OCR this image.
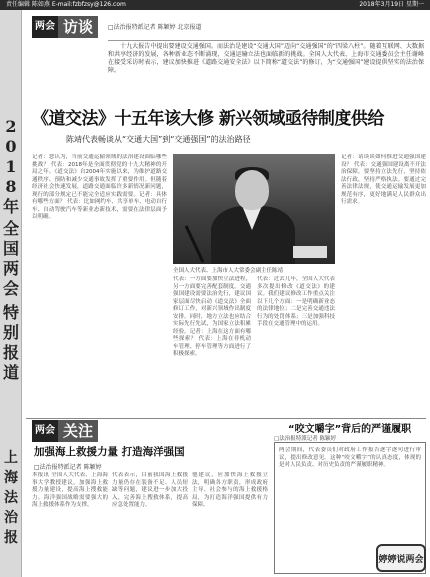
责任编辑 陈如燕 E-mail:fzbfzsy@126.com	2018年3月19日 星期一
2
0
1
8
年
全
国
两
会
特
别
报
道
上
海
法
治
报
两会 访谈	□法治报特派记者 陈颖婷 北京报道

十九大报告中提出要建设交通强国。而法治是建设“交通大国”迈向“交通强国”的“四梁八柱”。随着互联网、大数据和共享经济的发展，各种新业态不断涌现，交通运输立法也面临新的挑战。全国人大代表、上海市交通委员会主任谢峰在接受采访时表示，建议加快推进《道路交通安全法》以下简称“道交法”的修订，为“交通强国”建设提供坚实的法治保障。

《道交法》十五年该大修 新兴领域亟待制度供给
陈靖代表畅谈从“交通大国”到“交通强国”的法治路径

记者：您认为，当前交通运输领域的法治建设面临哪些挑战？ 代表：2018年是全面贯彻党的十九大精神的开局之年。《道交法》自2004年实施以来，为维护道路交通秩序、预防和减少交通事故发挥了重要作用。但随着经济社会快速发展，道路交通面临许多新情况新问题，现行的部分规定已不能完全适应实践需要。记者：具体有哪些方面？ 代表：比如网约车、共享单车、电动自行车、自动驾驶汽车等新业态新技术，需要在法律层面予以明确。

全国人大代表、上海市人大常委会副主任陈靖

记者：请谈谈如何推进交通强国建设？ 代表：交通强国建设离不开法治保障，要坚持立法先行，坚持依法行政，坚持严格执法。要通过完善法律法规，使交通运输发展更加规范有序，更好地满足人民群众出行需求。

代表：一方面要加快立法进程，另一方面要完善配套制度。交通强国建设需要法治先行，建议国家层面尽快启动《道交法》全面修订工作，对新兴领域作出制度安排。同时，地方立法也应结合实际先行先试，为国家立法积累经验。记者：上海在这方面有哪些探索？ 代表：上海在非机动车管理、停车管理等方面进行了积极探索。

代表：过去几年，全国人大代表多次提出修改《道交法》的建议。我们建议修改工作重点关注以下几个方面：一是明确新业态的法律地位；二是完善交通违法行为的处罚体系；三是加强科技手段在交通管理中的运用。

两会 关注
加强海上救援力量 打造海洋强国
□法治报特派记者 陈颖婷

本报讯 全国人大代表、上海海事大学教授建议，加强海上救援力量建设，提高海上搜救能力。海洋强国战略需要强大的海上救援体系作为支撑。

代表表示，目前我国海上救援力量仍存在装备不足、人员短缺等问题，建议进一步加大投入，完善海上搜救体系，提高应急处置能力。

他建议，应加快海上救援立法，明确各方职责，形成政府主导、社会参与的海上救援格局，为打造海洋强国提供有力保障。

“咬文嚼字”背后的严谨履职
□法治报特派记者 陈颖婷

两会期间，代表委员们对政府工作报告逐字逐句进行审议，提出修改意见。这种“咬文嚼字”的认真态度，体现的是对人民负责、对历史负责的严谨履职精神。

婷婷说两会
